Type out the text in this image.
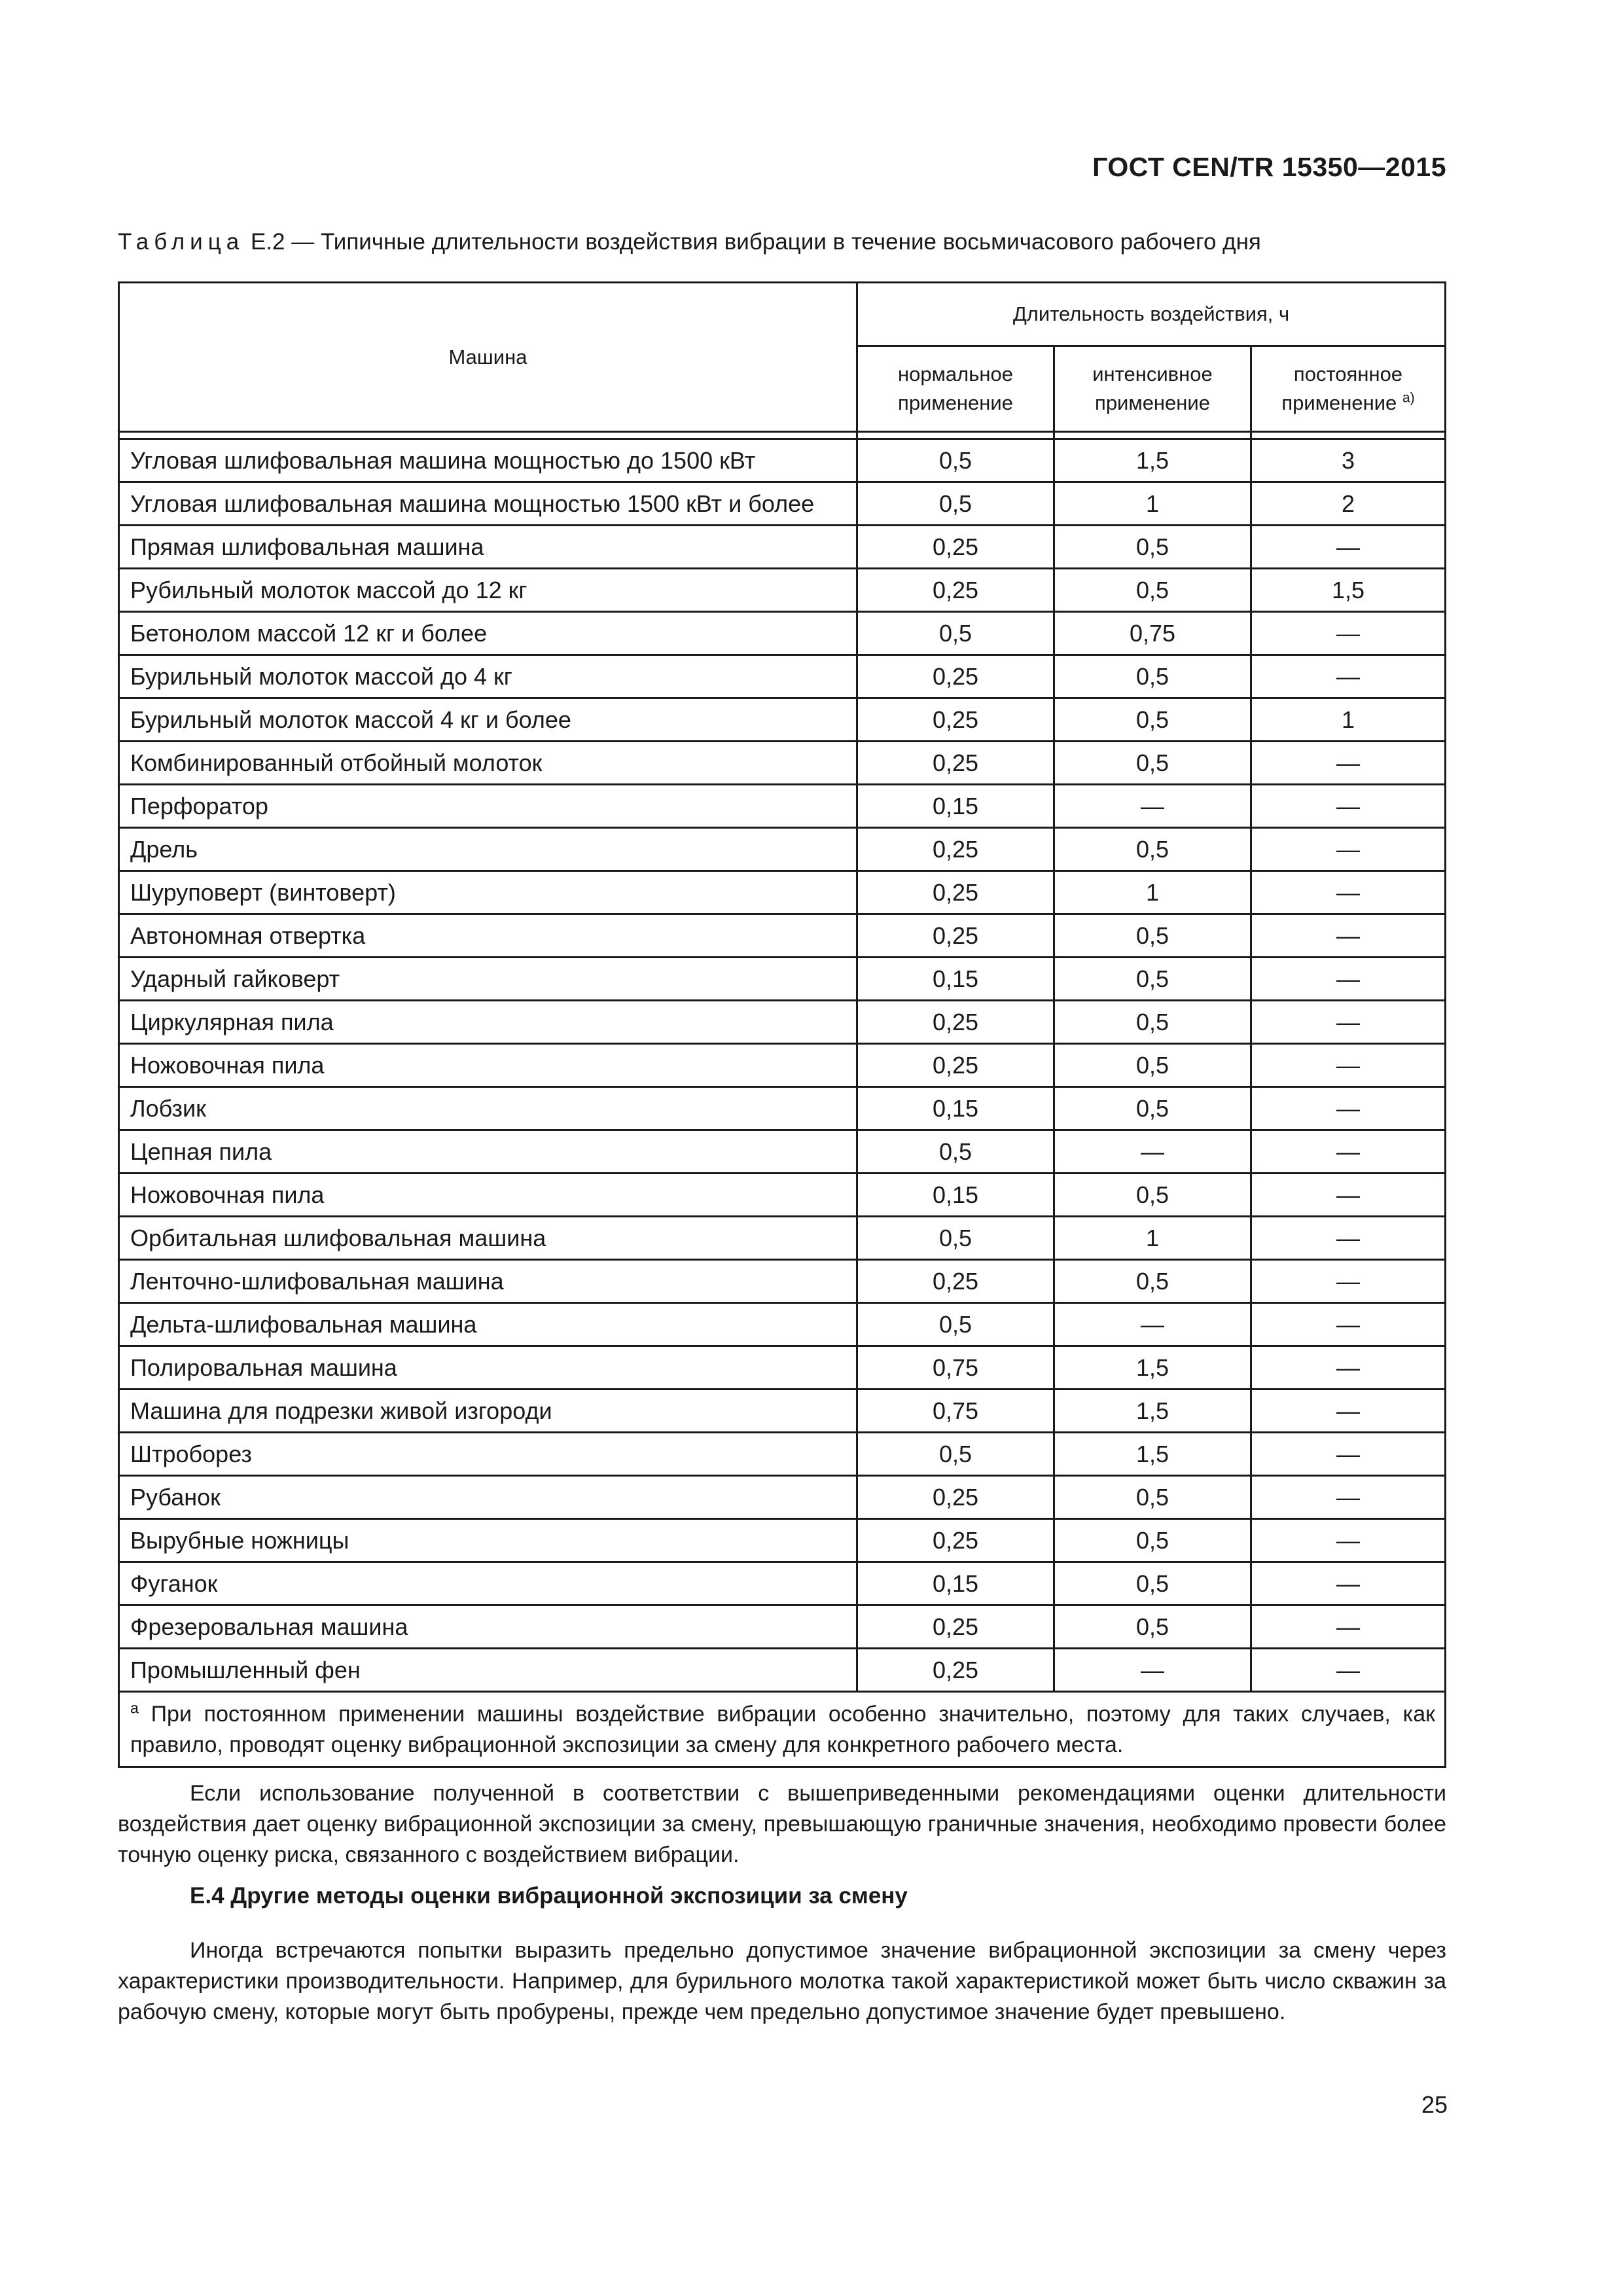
ГОСТ CEN/TR 15350—2015
Таблица Е.2 — Типичные длительности воздействия вибрации в течение восьмичасового рабочего дня
Машина	Длительность воздействия, ч		
	нормальное применение	интенсивное применение	постоянное применение $^{а)}$

Угловая шлифовальная машина мощностью до 1500 кВт	0,5	1,5	3
Угловая шлифовальная машина мощностью 1500 кВт и более	0,5	1	2
Прямая шлифовальная машина	0,25	0,5	—
Рубильный молоток массой до 12 кг	0,25	0,5	1,5
Бетонолом массой 12 кг и более	0,5	0,75	—
Бурильный молоток массой до 4 кг	0,25	0,5	—
Бурильный молоток массой 4 кг и более	0,25	0,5	1
Комбинированный отбойный молоток	0,25	0,5	—
Перфоратор	0,15	—	—
Дрель	0,25	0,5	—
Шуруповерт (винтоверт)	0,25	1	—
Автономная отвертка	0,25	0,5	—
Ударный гайковерт	0,15	0,5	—
Циркулярная пила	0,25	0,5	—
Ножовочная пила	0,25	0,5	—
Лобзик	0,15	0,5	—
Цепная пила	0,5	—	—
Ножовочная пила	0,15	0,5	—
Орбитальная шлифовальная машина	0,5	1	—
Ленточно-шлифовальная машина	0,25	0,5	—
Дельта-шлифовальная машина	0,5	—	—
Полировальная машина	0,75	1,5	—
Машина для подрезки живой изгороди	0,75	1,5	—
Штроборез	0,5	1,5	—
Рубанок	0,25	0,5	—
Вырубные ножницы	0,25	0,5	—
Фуганок	0,15	0,5	—
Фрезеровальная машина	0,25	0,5	—
Промышленный фен	0,25	—	—
$^а$ При постоянном применении машины воздействие вибрации особенно значительно, поэтому для таких случаев, как правило, проводят оценку вибрационной экспозиции за смену для конкретного рабочего места.			

Если использование полученной в соответствии с вышеприведенными рекомендациями оценки длительности воздействия дает оценку вибрационной экспозиции за смену, превышающую граничные значения, необходимо провести более точную оценку риска, связанного с воздействием вибрации.

Е.4 Другие методы оценки вибрационной экспозиции за смену

Иногда встречаются попытки выразить предельно допустимое значение вибрационной экспозиции за смену через характеристики производительности. Например, для бурильного молотка такой характеристикой может быть число скважин за рабочую смену, которые могут быть пробурены, прежде чем предельно допустимое значение будет превышено.

25
